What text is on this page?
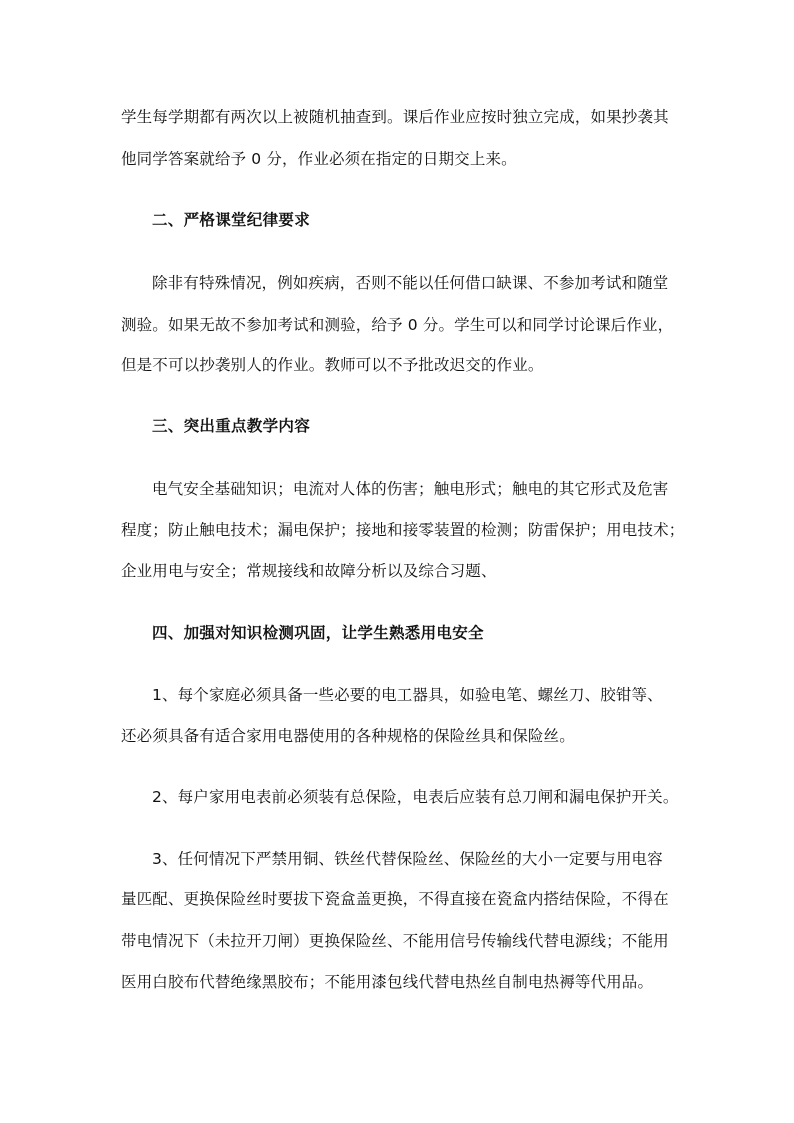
学生每学期都有两次以上被随机抽查到。课后作业应按时独立完成，如果抄袭其
他同学答案就给予 0 分，作业必须在指定的日期交上来。
二、严格课堂纪律要求
除非有特殊情况，例如疾病，否则不能以任何借口缺课、不参加考试和随堂
测验。如果无故不参加考试和测验，给予 0 分。学生可以和同学讨论课后作业，
但是不可以抄袭别人的作业。教师可以不予批改迟交的作业。
三、突出重点教学内容
电气安全基础知识；电流对人体的伤害；触电形式；触电的其它形式及危害
程度；防止触电技术；漏电保护；接地和接零装置的检测；防雷保护；用电技术；
企业用电与安全；常规接线和故障分析以及综合习题、
四、加强对知识检测巩固，让学生熟悉用电安全
1、每个家庭必须具备一些必要的电工器具，如验电笔、螺丝刀、胶钳等、
还必须具备有适合家用电器使用的各种规格的保险丝具和保险丝。
2、每户家用电表前必须装有总保险，电表后应装有总刀闸和漏电保护开关。
3、任何情况下严禁用铜、铁丝代替保险丝、保险丝的大小一定要与用电容
量匹配、更换保险丝时要拔下瓷盒盖更换，不得直接在瓷盒内搭结保险，不得在
带电情况下（未拉开刀闸）更换保险丝、不能用信号传输线代替电源线；不能用
医用白胶布代替绝缘黑胶布；不能用漆包线代替电热丝自制电热褥等代用品。
